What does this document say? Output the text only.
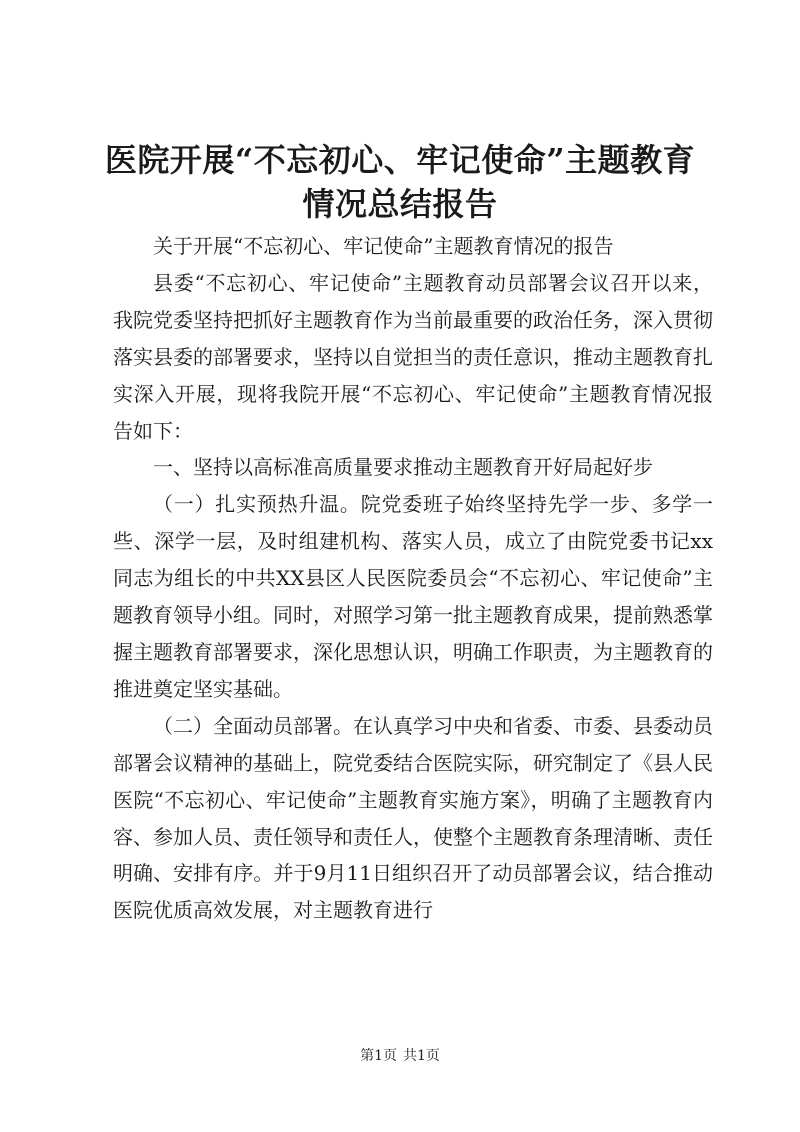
医院开展“不忘初心、牢记使命”主题教育情况总结报告

关于开展“不忘初心、牢记使命”主题教育情况的报告

县委“不忘初心、牢记使命”主题教育动员部署会议召开以来，我院党委坚持把抓好主题教育作为当前最重要的政治任务，深入贯彻落实县委的部署要求，坚持以自觉担当的责任意识，推动主题教育扎实深入开展，现将我院开展“不忘初心、牢记使命”主题教育情况报告如下：

一、坚持以高标准高质量要求推动主题教育开好局起好步

（一）扎实预热升温。院党委班子始终坚持先学一步、多学一些、深学一层，及时组建机构、落实人员，成立了由院党委书记xx同志为组长的中共XX县区人民医院委员会“不忘初心、牢记使命”主题教育领导小组。同时，对照学习第一批主题教育成果，提前熟悉掌握主题教育部署要求，深化思想认识，明确工作职责，为主题教育的推进奠定坚实基础。

（二）全面动员部署。在认真学习中央和省委、市委、县委动员部署会议精神的基础上，院党委结合医院实际，研究制定了《县人民医院“不忘初心、牢记使命”主题教育实施方案》，明确了主题教育内容、参加人员、责任领导和责任人，使整个主题教育条理清晰、责任明确、安排有序。并于9月11日组织召开了动员部署会议，结合推动医院优质高效发展，对主题教育进行

第1页 共1页
